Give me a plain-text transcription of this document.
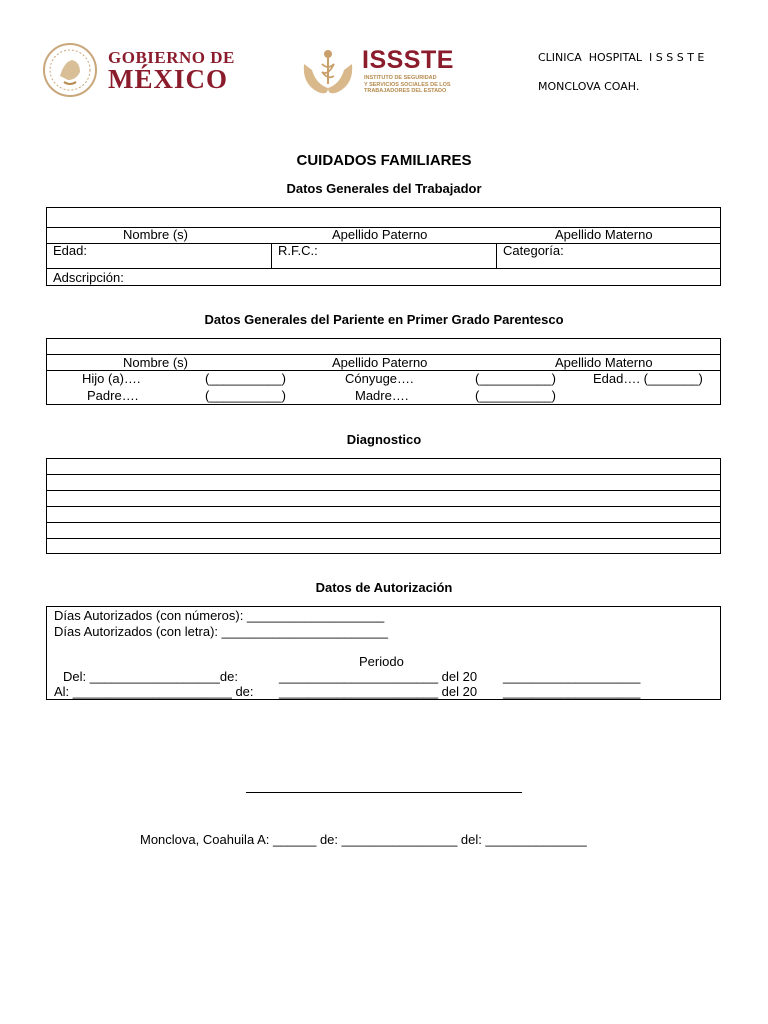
GOBIERNO DE
MÉXICO
ISSSTE
INSTITUTO DE SEGURIDAD
Y SERVICIOS SOCIALES DE LOS
TRABAJADORES DEL ESTADO
CLINICA  HOSPITAL  I S S S T E
MONCLOVA COAH.
CUIDADOS FAMILIARES
Datos Generales del Trabajador
Nombre (s)	Apellido Paterno	Apellido Materno
Edad:	R.F.C.:	Categoría:
Adscripción:
Datos Generales del Pariente en Primer Grado Parentesco
Nombre (s)	Apellido Paterno	Apellido Materno
Hijo (a)….	(__________)	Cónyuge….	(__________)	Edad…. (_______)
Padre….	(__________)	Madre….	(__________)
Diagnostico
Datos de Autorización
Días Autorizados (con números): ___________________
Días Autorizados (con letra): _______________________
Periodo
Del: __________________de:	______________________ del 20 ___________________
Al: ______________________ de: ______________________ del 20 ___________________
Monclova, Coahuila A: ______ de: ________________ del: ______________
